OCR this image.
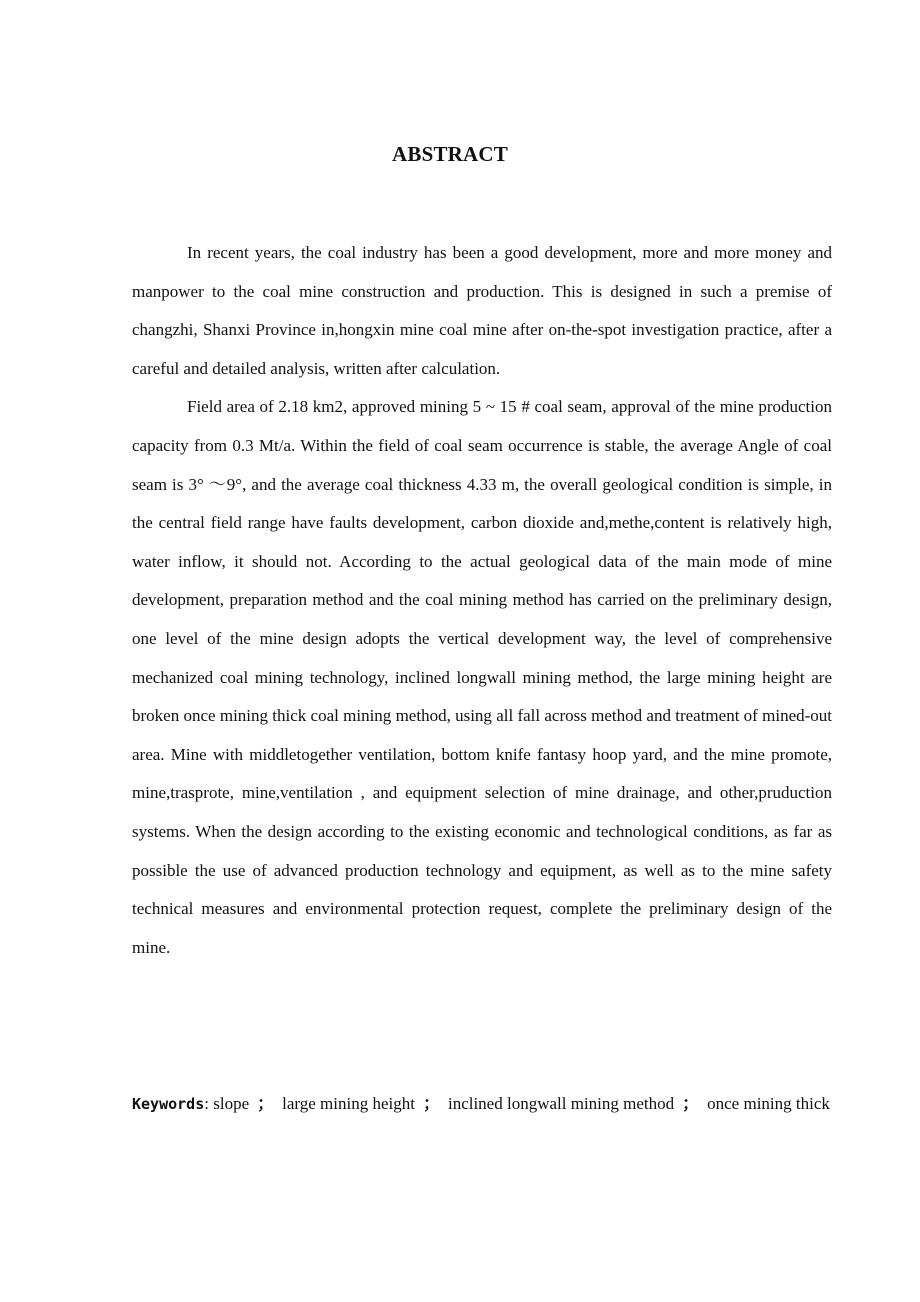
ABSTRACT

In recent years, the coal industry has been a good development, more and more money and manpower to the coal mine construction and production. This is designed in such a premise of changzhi, Shanxi Province in,hongxin mine coal mine after on-the-spot investigation practice, after a careful and detailed analysis, written after calculation.

Field area of 2.18 km2, approved mining 5 ~ 15 # coal seam, approval of the mine production capacity from 0.3 Mt/a. Within the field of coal seam occurrence is stable, the average Angle of coal seam is 3° ～9°, and the average coal thickness 4.33 m, the overall geological condition is simple, in the central field range have faults development, carbon dioxide and,methe,content is relatively high, water inflow, it should not. According to the actual geological data of the main mode of mine development, preparation method and the coal mining method has carried on the preliminary design, one level of the mine design adopts the vertical development way, the level of comprehensive mechanized coal mining technology, inclined longwall mining method, the large mining height are broken once mining thick coal mining method, using all fall across method and treatment of mined-out area. Mine with middletogether ventilation, bottom knife fantasy hoop yard, and the mine promote, mine,trasprote, mine,ventilation , and equipment selection of mine drainage, and other,pruduction systems. When the design according to the existing economic and technological conditions, as far as possible the use of advanced production technology and equipment, as well as to the mine safety technical measures and environmental protection request, complete the preliminary design of the mine.

Keywords: slope ； large mining height ； inclined longwall mining method ； once mining thick
